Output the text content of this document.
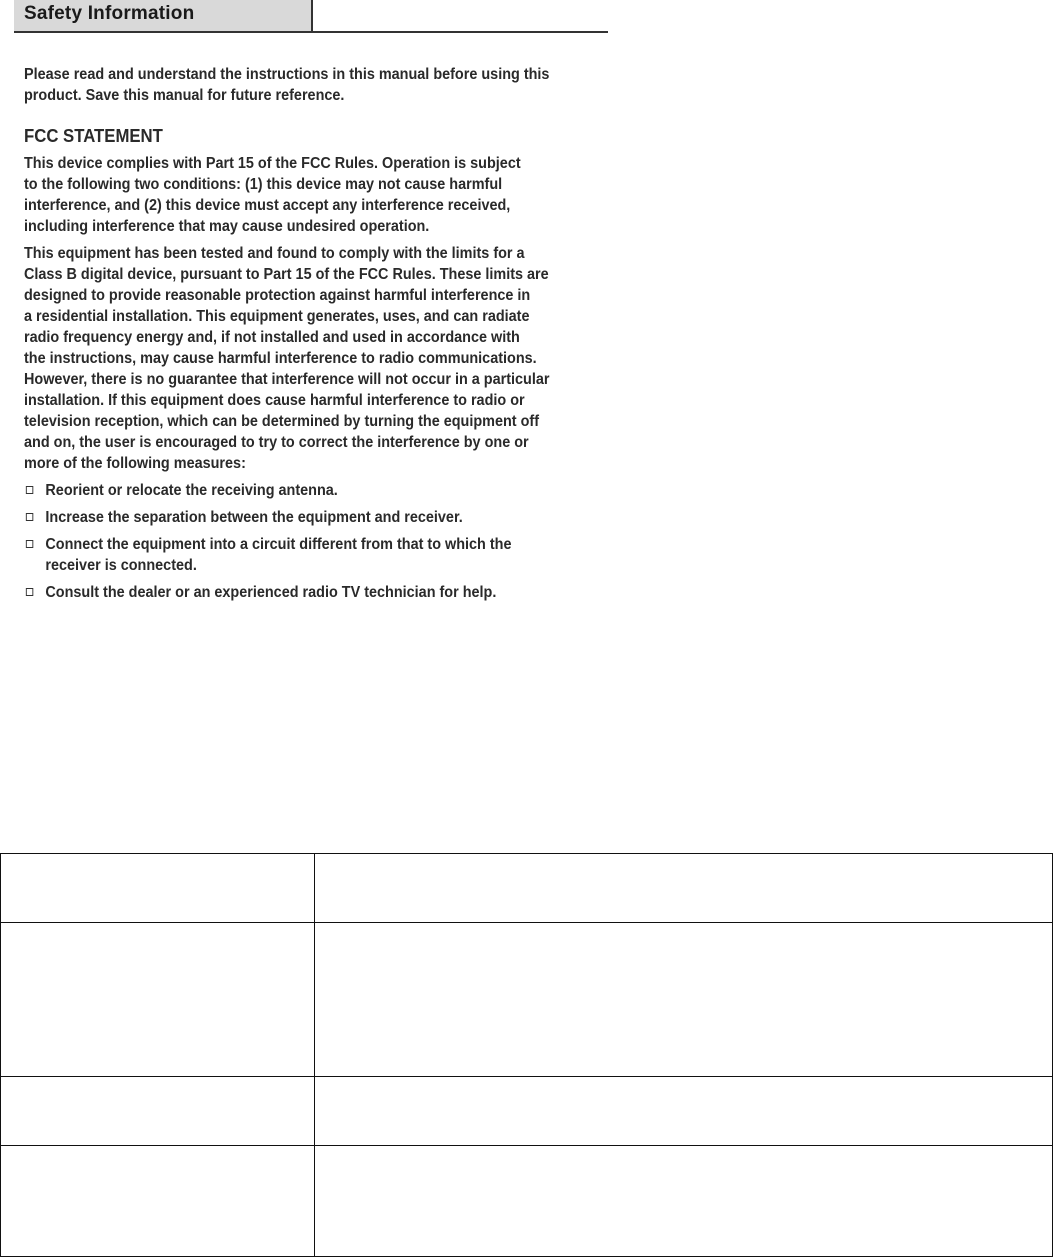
Safety Information

Please read and understand the instructions in this manual before using this

product. Save this manual for future reference.

FCC STATEMENT

This device complies with Part 15 of the FCC Rules. Operation is subject

to the following two conditions: (1) this device may not cause harmful

interference, and (2) this device must accept any interference received,

including interference that may cause undesired operation.

This equipment has been tested and found to comply with the limits for a

Class B digital device, pursuant to Part 15 of the FCC Rules. These limits are

designed to provide reasonable protection against harmful interference in

a residential installation. This equipment generates, uses, and can radiate

radio frequency energy and, if not installed and used in accordance with

the instructions, may cause harmful interference to radio communications.

However, there is no guarantee that interference will not occur in a particular

installation. If this equipment does cause harmful interference to radio or

television reception, which can be determined by turning the equipment off

and on, the user is encouraged to try to correct the interference by one or

more of the following measures:

Reorient or relocate the receiving antenna.

Increase the separation between the equipment and receiver.

Connect the equipment into a circuit different from that to which the

receiver is connected.

Consult the dealer or an experienced radio TV technician for help.
